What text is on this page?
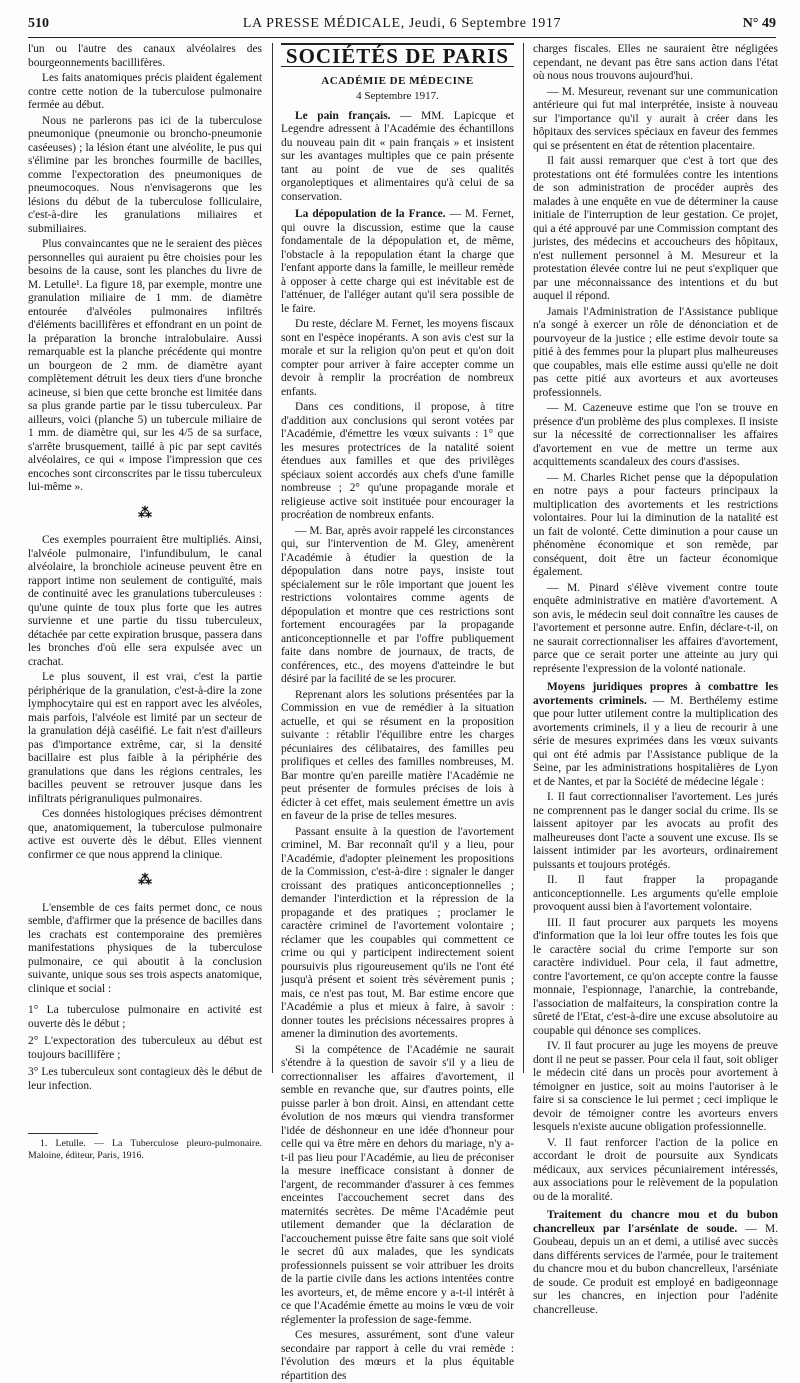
510	LA PRESSE MÉDICALE, Jeudi, 6 Septembre 1917	N° 49

l'un ou l'autre des canaux alvéolaires des bourgeonnements bacillifères.

Les faits anatomiques précis plaident également contre cette notion de la tuberculose pulmonaire fermée au début.

Nous ne parlerons pas ici de la tuberculose pneumonique (pneumonie ou broncho-pneumonie caséeuses) ; la lésion étant une alvéolite, le pus qui s'élimine par les bronches fourmille de bacilles, comme l'expectoration des pneumoniques de pneumocoques. Nous n'envisagerons que les lésions du début de la tuberculose folliculaire, c'est-à-dire les granulations miliaires et submiliaires.

Plus convaincantes que ne le seraient des pièces personnelles qui auraient pu être choisies pour les besoins de la cause, sont les planches du livre de M. Letulle¹. La figure 18, par exemple, montre une granulation miliaire de 1 mm. de diamètre entourée d'alvéoles pulmonaires infiltrés d'éléments bacillifères et effondrant en un point de la préparation la bronche intralobulaire. Aussi remarquable est la planche précédente qui montre un bourgeon de 2 mm. de diamètre ayant complètement détruit les deux tiers d'une bronche acineuse, si bien que cette bronche est limitée dans sa plus grande partie par le tissu tuberculeux. Par ailleurs, voici (planche 5) un tubercule miliaire de 1 mm. de diamètre qui, sur les 4/5 de sa surface, s'arrête brusquement, taillé à pic par sept cavités alvéolaires, ce qui « impose l'impression que ces encoches sont circonscrites par le tissu tuberculeux lui-même ».

⁂

Ces exemples pourraient être multipliés. Ainsi, l'alvéole pulmonaire, l'infundibulum, le canal alvéolaire, la bronchiole acineuse peuvent être en rapport intime non seulement de contiguïté, mais de continuité avec les granulations tuberculeuses : qu'une quinte de toux plus forte que les autres survienne et une partie du tissu tuberculeux, détachée par cette expiration brusque, passera dans les bronches d'où elle sera expulsée avec un crachat.

Le plus souvent, il est vrai, c'est la partie périphérique de la granulation, c'est-à-dire la zone lymphocytaire qui est en rapport avec les alvéoles, mais parfois, l'alvéole est limité par un secteur de la granulation déjà caséifié. Le fait n'est d'ailleurs pas d'importance extrême, car, si la densité bacillaire est plus faible à la périphérie des granulations que dans les régions centrales, les bacilles peuvent se retrouver jusque dans les infiltrats périgranuliques pulmonaires.

Ces données histologiques précises démontrent que, anatomiquement, la tuberculose pulmonaire active est ouverte dès le début. Elles viennent confirmer ce que nous apprend la clinique.

⁂

L'ensemble de ces faits permet donc, ce nous semble, d'affirmer que la présence de bacilles dans les crachats est contemporaine des premières manifestations physiques de la tuberculose pulmonaire, ce qui aboutit à la conclusion suivante, unique sous ses trois aspects anatomique, clinique et social :

1° La tuberculose pulmonaire en activité est ouverte dès le début ;

2° L'expectoration des tuberculeux au début est toujours bacillifère ;

3° Les tuberculeux sont contagieux dès le début de leur infection.

1. Letulle. — La Tuberculose pleuro-pulmonaire. Maloine, éditeur, Paris, 1916.

SOCIÉTÉS DE PARIS
ACADÉMIE DE MÉDECINE
4 Septembre 1917.

Le pain français. — MM. Lapicque et Legendre adressent à l'Académie des échantillons du nouveau pain dit « pain français » et insistent sur les avantages multiples que ce pain présente tant au point de vue de ses qualités organoleptiques et alimentaires qu'à celui de sa conservation.

La dépopulation de la France. — M. Fernet, qui ouvre la discussion, estime que la cause fondamentale de la dépopulation et, de même, l'obstacle à la repopulation étant la charge que l'enfant apporte dans la famille, le meilleur remède à opposer à cette charge qui est inévitable est de l'atténuer, de l'alléger autant qu'il sera possible de le faire.

Du reste, déclare M. Fernet, les moyens fiscaux sont en l'espèce inopérants. A son avis c'est sur la morale et sur la religion qu'on peut et qu'on doit compter pour arriver à faire accepter comme un devoir à remplir la procréation de nombreux enfants.

Dans ces conditions, il propose, à titre d'addition aux conclusions qui seront votées par l'Académie, d'émettre les vœux suivants : 1° que les mesures protectrices de la natalité soient étendues aux familles et que des privilèges spéciaux soient accordés aux chefs d'une famille nombreuse ; 2° qu'une propagande morale et religieuse active soit instituée pour encourager la procréation de nombreux enfants.

— M. Bar, après avoir rappelé les circonstances qui, sur l'intervention de M. Gley, amenèrent l'Académie à étudier la question de la dépopulation dans notre pays, insiste tout spécialement sur le rôle important que jouent les restrictions volontaires comme agents de dépopulation et montre que ces restrictions sont fortement encouragées par la propagande anticonceptionnelle et par l'offre publiquement faite dans nombre de journaux, de tracts, de conférences, etc., des moyens d'atteindre le but désiré par la facilité de se les procurer.

Reprenant alors les solutions présentées par la Commission en vue de remédier à la situation actuelle, et qui se résument en la proposition suivante : rétablir l'équilibre entre les charges pécuniaires des célibataires, des familles peu prolifiques et celles des familles nombreuses, M. Bar montre qu'en pareille matière l'Académie ne peut présenter de formules précises de lois à édicter à cet effet, mais seulement émettre un avis en faveur de la prise de telles mesures.

Passant ensuite à la question de l'avortement criminel, M. Bar reconnaît qu'il y a lieu, pour l'Académie, d'adopter pleinement les propositions de la Commission, c'est-à-dire : signaler le danger croissant des pratiques anticonceptionnelles ; demander l'interdiction et la répression de la propagande et des pratiques ; proclamer le caractère criminel de l'avortement volontaire ; réclamer que les coupables qui commettent ce crime ou qui y participent indirectement soient poursuivis plus rigoureusement qu'ils ne l'ont été jusqu'à présent et soient très sévèrement punis ; mais, ce n'est pas tout, M. Bar estime encore que l'Académie a plus et mieux à faire, à savoir : donner toutes les précisions nécessaires propres à amener la diminution des avortements.

Si la compétence de l'Académie ne saurait s'étendre à la question de savoir s'il y a lieu de correctionnaliser les affaires d'avortement, il semble en revanche que, sur d'autres points, elle puisse parler à bon droit. Ainsi, en attendant cette évolution de nos mœurs qui viendra transformer l'idée de déshonneur en une idée d'honneur pour celle qui va être mère en dehors du mariage, n'y a-t-il pas lieu pour l'Académie, au lieu de préconiser la mesure inefficace consistant à donner de l'argent, de recommander d'assurer à ces femmes enceintes l'accouchement secret dans des maternités secrètes. De même l'Académie peut utilement demander que la déclaration de l'accouchement puisse être faite sans que soit violé le secret dû aux malades, que les syndicats professionnels puissent se voir attribuer les droits de la partie civile dans les actions intentées contre les avorteurs, et, de même encore y a-t-il intérêt à ce que l'Académie émette au moins le vœu de voir réglementer la profession de sage-femme.

Ces mesures, assurément, sont d'une valeur secondaire par rapport à celle du vrai remède : l'évolution des mœurs et la plus équitable répartition des

charges fiscales. Elles ne sauraient être négligées cependant, ne devant pas être sans action dans l'état où nous nous trouvons aujourd'hui.

— M. Mesureur, revenant sur une communication antérieure qui fut mal interprétée, insiste à nouveau sur l'importance qu'il y aurait à créer dans les hôpitaux des services spéciaux en faveur des femmes qui se présentent en état de rétention placentaire.

Il fait aussi remarquer que c'est à tort que des protestations ont été formulées contre les intentions de son administration de procéder auprès des malades à une enquête en vue de déterminer la cause initiale de l'interruption de leur gestation. Ce projet, qui a été approuvé par une Commission comptant des juristes, des médecins et accoucheurs des hôpitaux, n'est nullement personnel à M. Mesureur et la protestation élevée contre lui ne peut s'expliquer que par une méconnaissance des intentions et du but auquel il répond.

Jamais l'Administration de l'Assistance publique n'a songé à exercer un rôle de dénonciation et de pourvoyeur de la justice ; elle estime devoir toute sa pitié à des femmes pour la plupart plus malheureuses que coupables, mais elle estime aussi qu'elle ne doit pas cette pitié aux avorteurs et aux avorteuses professionnels.

— M. Cazeneuve estime que l'on se trouve en présence d'un problème des plus complexes. Il insiste sur la nécessité de correctionnaliser les affaires d'avortement en vue de mettre un terme aux acquittements scandaleux des cours d'assises.

— M. Charles Richet pense que la dépopulation en notre pays a pour facteurs principaux la multiplication des avortements et les restrictions volontaires. Pour lui la diminution de la natalité est un fait de volonté. Cette diminution a pour cause un phénomène économique et son remède, par conséquent, doit être un facteur économique également.

— M. Pinard s'élève vivement contre toute enquête administrative en matière d'avortement. A son avis, le médecin seul doit connaître les causes de l'avortement et personne autre. Enfin, déclare-t-il, on ne saurait correctionnaliser les affaires d'avortement, parce que ce serait porter une atteinte au jury qui représente l'expression de la volonté nationale.

Moyens juridiques propres à combattre les avortements criminels. — M. Berthélemy estime que pour lutter utilement contre la multiplication des avortements criminels, il y a lieu de recourir à une série de mesures exprimées dans les vœux suivants qui ont été admis par l'Assistance publique de la Seine, par les administrations hospitalières de Lyon et de Nantes, et par la Société de médecine légale :

I. Il faut correctionnaliser l'avortement. Les jurés ne comprennent pas le danger social du crime. Ils se laissent apitoyer par les avocats au profit des malheureuses dont l'acte a souvent une excuse. Ils se laissent intimider par les avorteurs, ordinairement puissants et toujours protégés.

II. Il faut frapper la propagande anticonceptionnelle. Les arguments qu'elle emploie provoquent aussi bien à l'avortement volontaire.

III. Il faut procurer aux parquets les moyens d'information que la loi leur offre toutes les fois que le caractère social du crime l'emporte sur son caractère individuel. Pour cela, il faut admettre, contre l'avortement, ce qu'on accepte contre la fausse monnaie, l'espionnage, l'anarchie, la contrebande, l'association de malfaiteurs, la conspiration contre la sûreté de l'Etat, c'est-à-dire une excuse absolutoire au coupable qui dénonce ses complices.

IV. Il faut procurer au juge les moyens de preuve dont il ne peut se passer. Pour cela il faut, soit obliger le médecin cité dans un procès pour avortement à témoigner en justice, soit au moins l'autoriser à le faire si sa conscience le lui permet ; ceci implique le devoir de témoigner contre les avorteurs envers lesquels n'existe aucune obligation professionnelle.

V. Il faut renforcer l'action de la police en accordant le droit de poursuite aux Syndicats médicaux, aux services pécuniairement intéressés, aux associations pour le relèvement de la population ou de la moralité.

Traitement du chancre mou et du bubon chancrelleux par l'arsénlate de soude. — M. Goubeau, depuis un an et demi, a utilisé avec succès dans différents services de l'armée, pour le traitement du chancre mou et du bubon chancrelleux, l'arséniate de soude. Ce produit est employé en badigeonnage sur les chancres, en injection pour l'adénite chancrelleuse.
